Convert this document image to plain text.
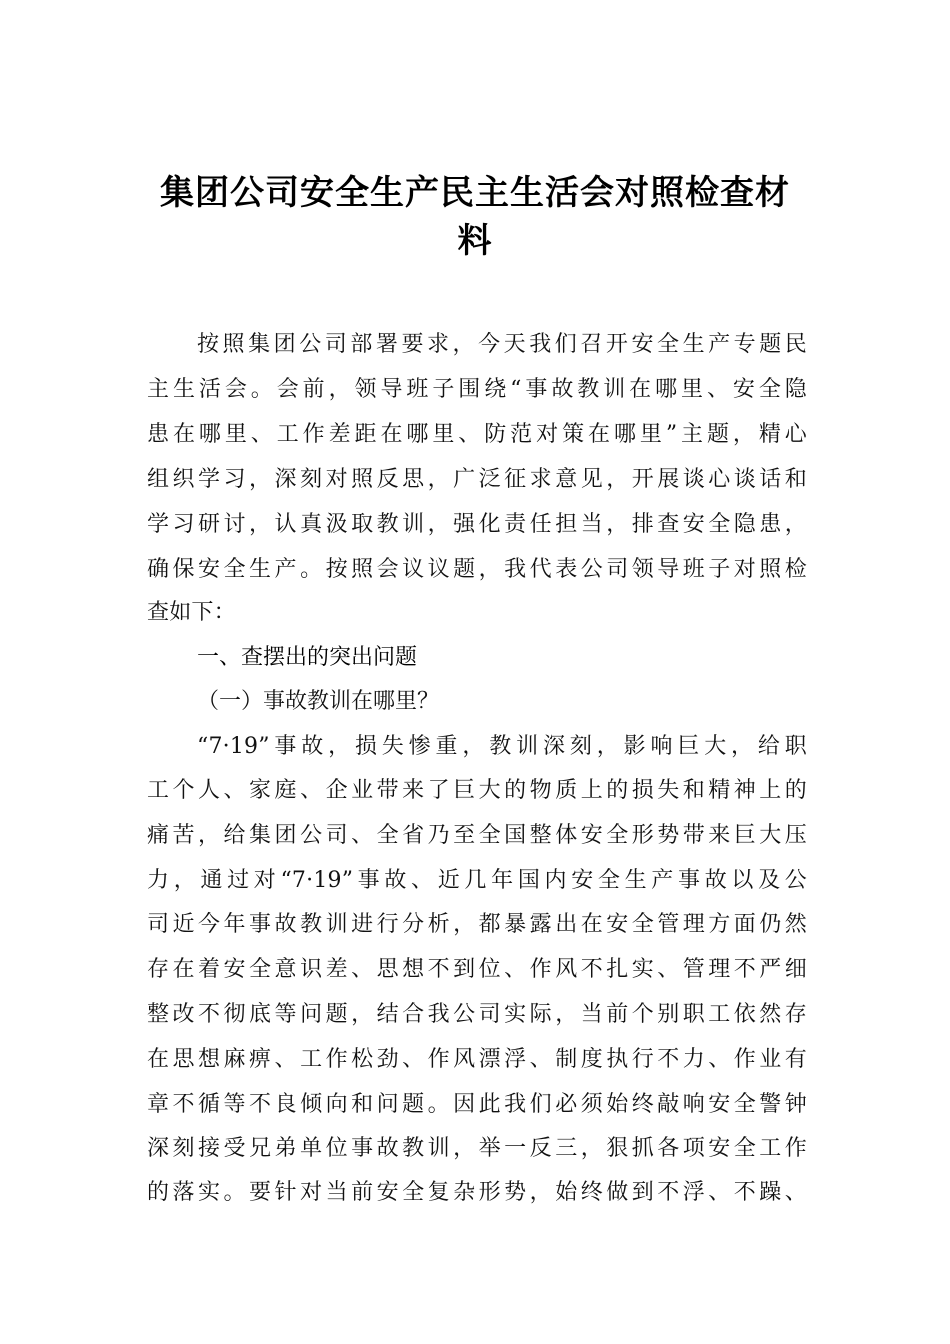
集团公司安全生产民主生活会对照检查材
料
按照集团公司部署要求，今天我们召开安全生产专题民
主生活会。会前，领导班子围绕“事故教训在哪里、安全隐
患在哪里、工作差距在哪里、防范对策在哪里”主题，精心
组织学习，深刻对照反思，广泛征求意见，开展谈心谈话和
学习研讨，认真汲取教训，强化责任担当，排查安全隐患，
确保安全生产。按照会议议题，我代表公司领导班子对照检
查如下：
一、查摆出的突出问题
（一）事故教训在哪里？
“7·19”事故，损失惨重，教训深刻，影响巨大，给职
工个人、家庭、企业带来了巨大的物质上的损失和精神上的
痛苦，给集团公司、全省乃至全国整体安全形势带来巨大压
力，通过对“7·19”事故、近几年国内安全生产事故以及公
司近今年事故教训进行分析，都暴露出在安全管理方面仍然
存在着安全意识差、思想不到位、作风不扎实、管理不严细
整改不彻底等问题，结合我公司实际，当前个别职工依然存
在思想麻痹、工作松劲、作风漂浮、制度执行不力、作业有
章不循等不良倾向和问题。因此我们必须始终敲响安全警钟
深刻接受兄弟单位事故教训，举一反三，狠抓各项安全工作
的落实。要针对当前安全复杂形势，始终做到不浮、不躁、
